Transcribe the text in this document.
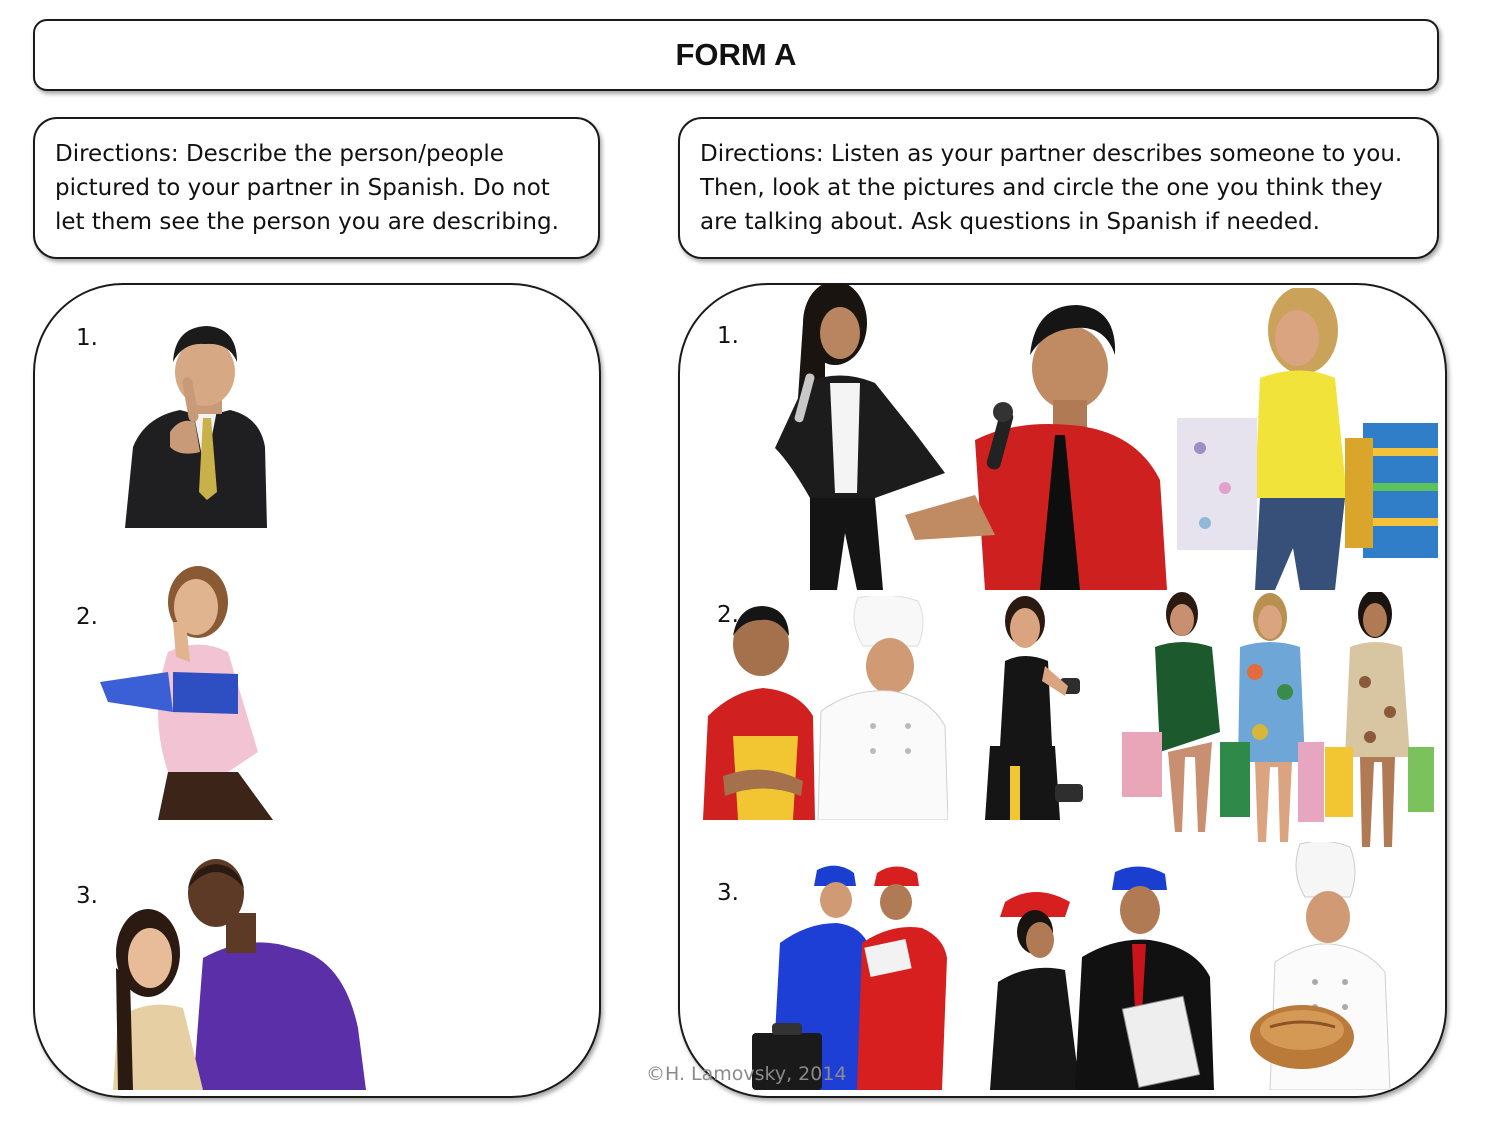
FORM A
Directions: Describe the person/people pictured to your partner in Spanish. Do not let them see the person you are describing.
Directions: Listen as your partner describes someone to you. Then, look at the pictures and circle the one you think they are talking about. Ask questions in Spanish if needed.
1.
2.
3.
1.
2.
3.
©H. Lamovsky, 2014
